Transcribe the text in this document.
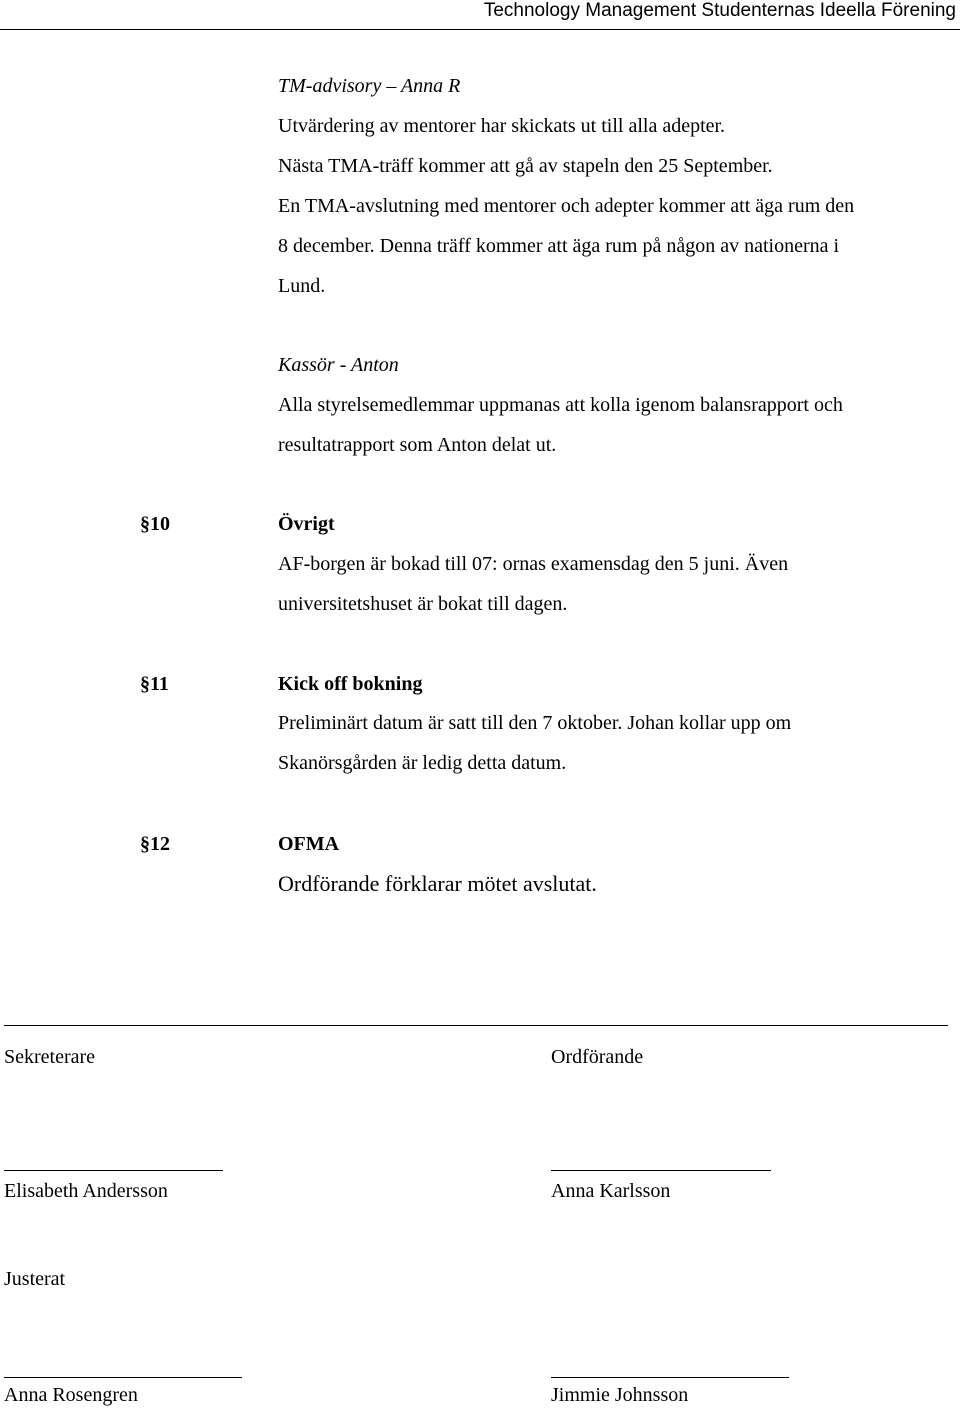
Technology Management Studenternas Ideella Förening
TM-advisory – Anna R
Utvärdering av mentorer har skickats ut till alla adepter.
Nästa TMA-träff kommer att gå av stapeln den 25 September.
En TMA-avslutning med mentorer och adepter kommer att äga rum den
8 december. Denna träff kommer att äga rum på någon av nationerna i
Lund.
Kassör - Anton
Alla styrelsemedlemmar uppmanas att kolla igenom balansrapport och
resultatrapport som Anton delat ut.
§10	Övrigt
AF-borgen är bokad till 07: ornas examensdag den 5 juni. Även
universitetshuset är bokat till dagen.
§11	Kick off bokning
Preliminärt datum är satt till den 7 oktober. Johan kollar upp om
Skanörsgården är ledig detta datum.
§12	OFMA
Ordförande förklarar mötet avslutat.
Sekreterare	Ordförande
Elisabeth Andersson	Anna Karlsson
Justerat
Anna Rosengren	Jimmie Johnsson
